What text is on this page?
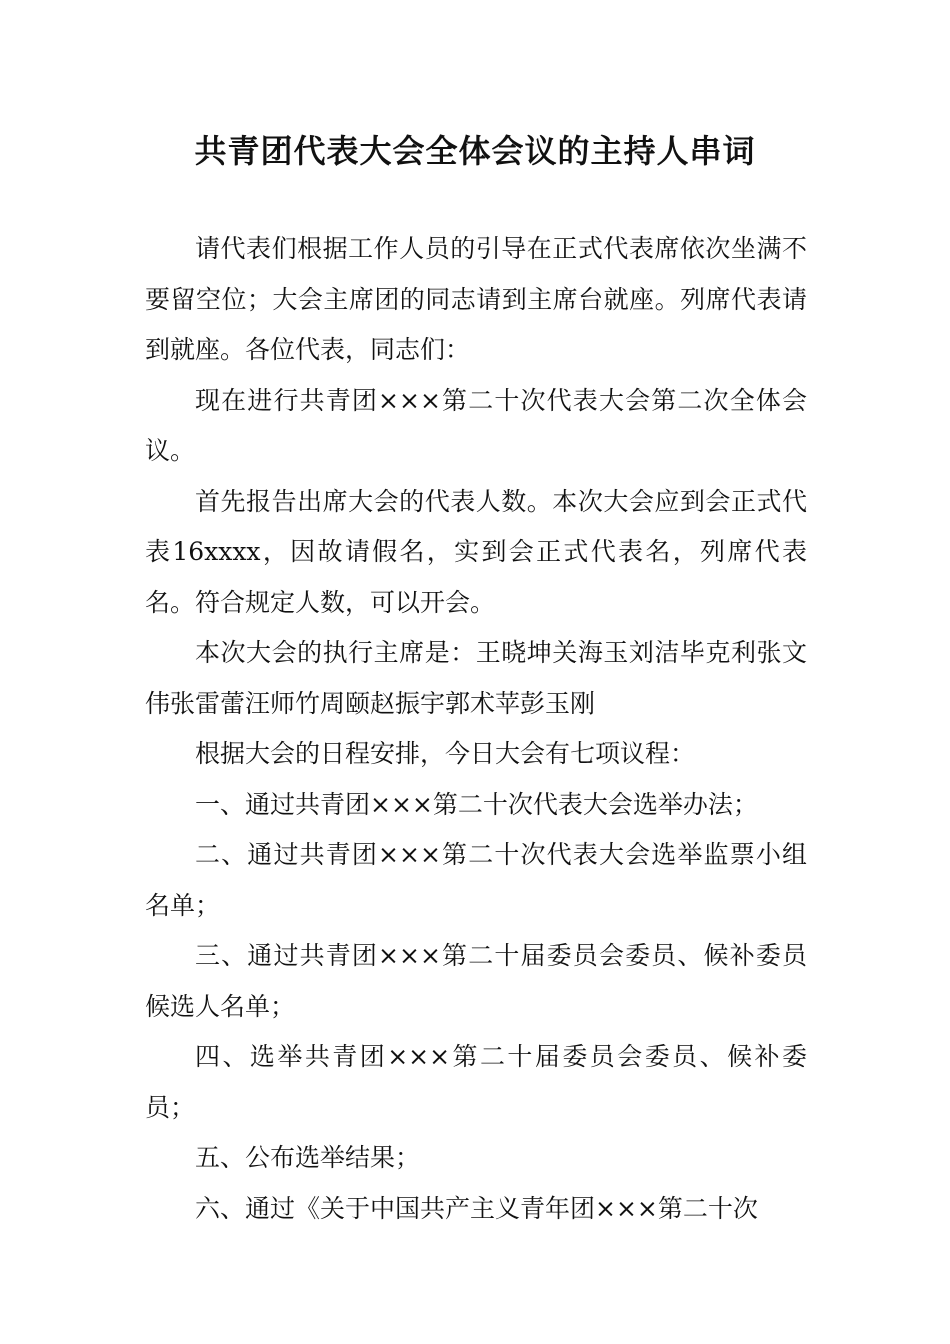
共青团代表大会全体会议的主持人串词

请代表们根据工作人员的引导在正式代表席依次坐满不要留空位；大会主席团的同志请到主席台就座。列席代表请到就座。各位代表，同志们：

现在进行共青团×××第二十次代表大会第二次全体会议。

首先报告出席大会的代表人数。本次大会应到会正式代表16xxxx，因故请假名，实到会正式代表名，列席代表名。符合规定人数，可以开会。

本次大会的执行主席是：王晓坤关海玉刘洁毕克利张文伟张雷蕾汪师竹周颐赵振宇郭术苹彭玉刚

根据大会的日程安排，今日大会有七项议程：

一、通过共青团×××第二十次代表大会选举办法；

二、通过共青团×××第二十次代表大会选举监票小组名单；

三、通过共青团×××第二十届委员会委员、候补委员候选人名单；

四、选举共青团×××第二十届委员会委员、候补委员；

五、公布选举结果；

六、通过《关于中国共产主义青年团×××第二十次
